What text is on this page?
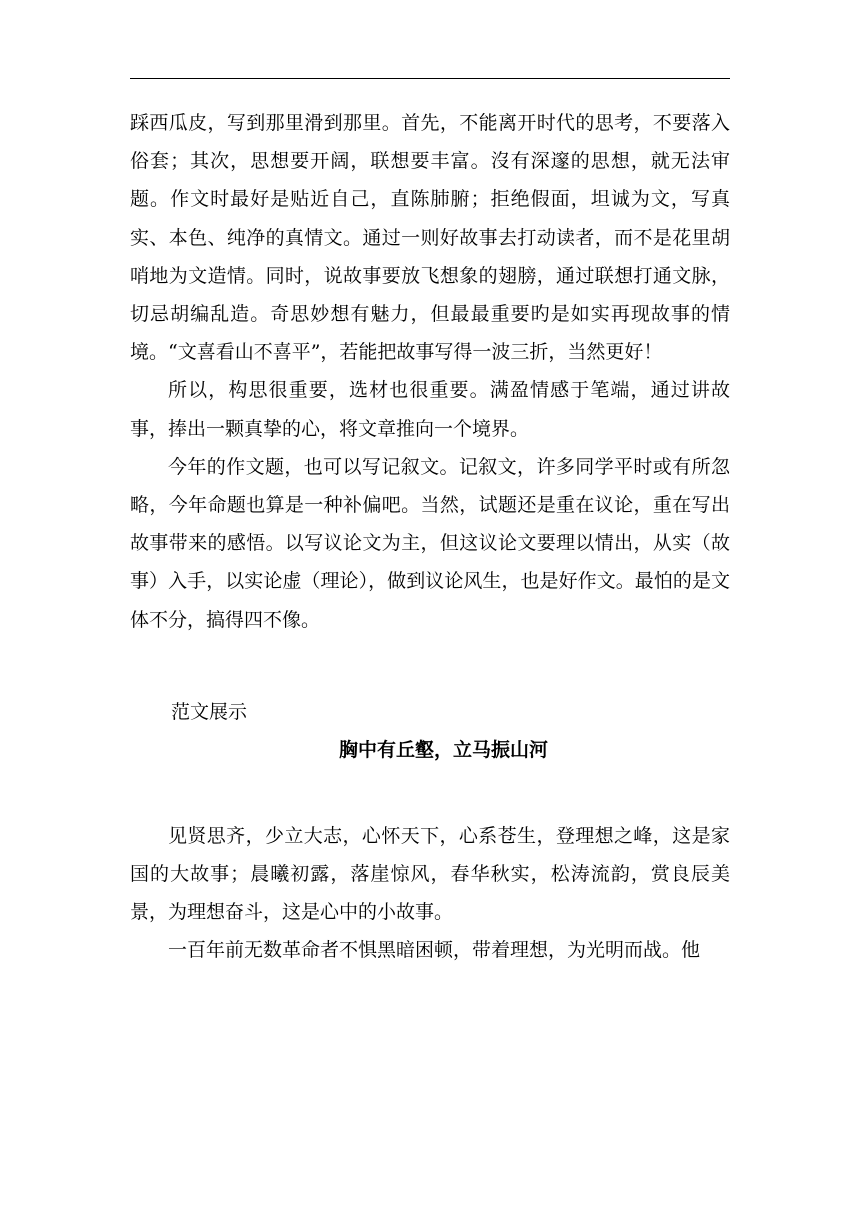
踩西瓜皮，写到那里滑到那里。首先，不能离开时代的思考，不要落入俗套；其次，思想要开阔，联想要丰富。沒有深邃的思想，就无法审题。作文时最好是贴近自己，直陈肺腑；拒绝假面，坦诚为文，写真实、本色、纯净的真情文。通过一则好故事去打动读者，而不是花里胡哨地为文造情。同时，说故事要放飞想象的翅膀，通过联想打通文脉，切忌胡编乱造。奇思妙想有魅力，但最最重要旳是如实再现故事的情境。“文喜看山不喜平”，若能把故事写得一波三折，当然更好！

所以，构思很重要，选材也很重要。满盈情感于笔端，通过讲故事，捧出一颗真挚的心，将文章推向一个境界。

今年的作文题，也可以写记叙文。记叙文，许多同学平时或有所忽略，今年命题也算是一种补偏吧。当然，试题还是重在议论，重在写出故事带来的感悟。以写议论文为主，但这议论文要理以情出，从实（故事）入手，以实论虚（理论），做到议论风生，也是好作文。最怕的是文体不分，搞得四不像。

范文展示

胸中有丘壑，立马振山河

见贤思齐，少立大志，心怀天下，心系苍生，登理想之峰，这是家国的大故事；晨曦初露，落崖惊风，春华秋实，松涛流韵，赏良辰美景，为理想奋斗，这是心中的小故事。

一百年前无数革命者不惧黑暗困顿，带着理想，为光明而战。他
